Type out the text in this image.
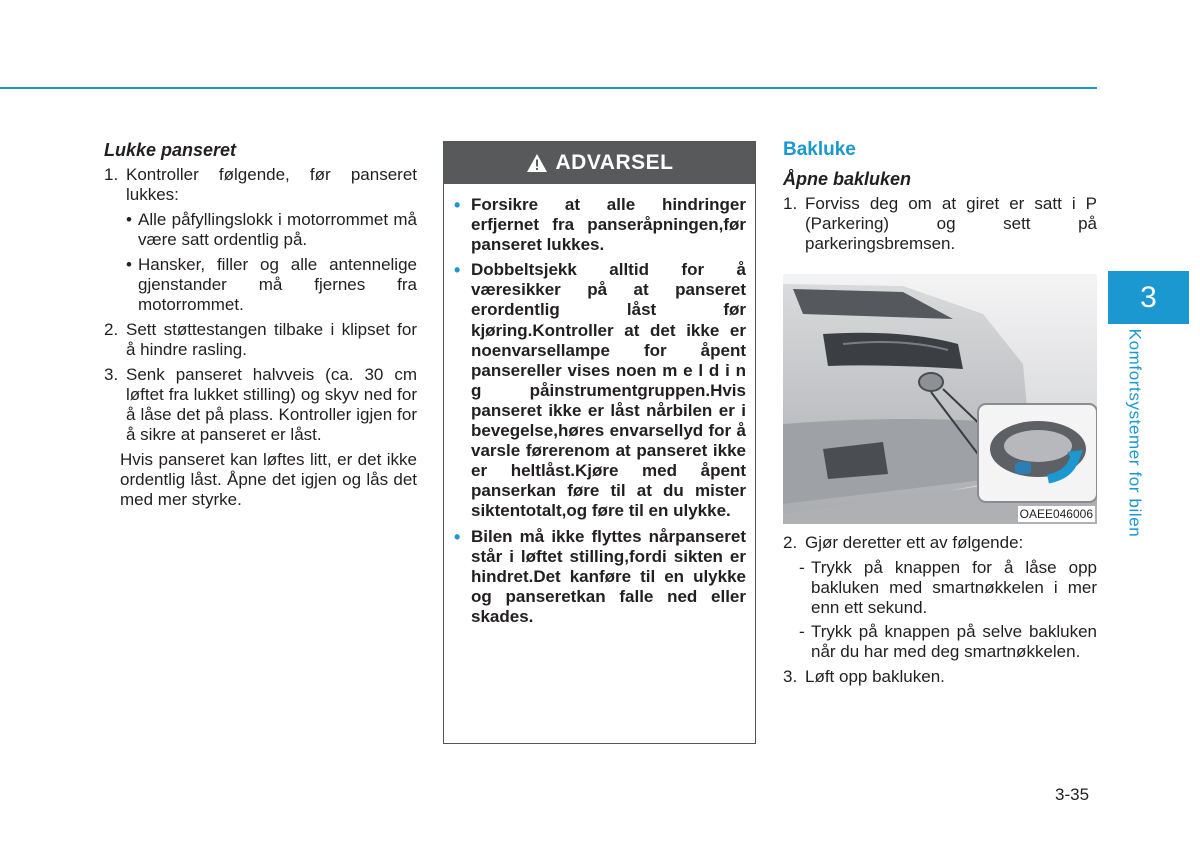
Lukke panseret
1. Kontroller følgende, før panseret lukkes:
• Alle påfyllingslokk i motorrommet må være satt ordentlig på.
• Hansker, filler og alle antennelige gjenstander må fjernes fra motorrommet.
2. Sett støttestangen tilbake i klipset for å hindre rasling.
3. Senk panseret halvveis (ca. 30 cm løftet fra lukket stilling) og skyv ned for å låse det på plass. Kontroller igjen for å sikre at panseret er låst.
Hvis panseret kan løftes litt, er det ikke ordentlig låst. Åpne det igjen og lås det med mer styrke.
ADVARSEL
• Forsikre at alle hindringer erfjernet fra panseråpningen,før panseret lukkes.
• Dobbeltsjekk alltid for å væresikker på at panseret erordentlig låst før kjøring.Kontroller at det ikke er noenvarsellampe for åpent pansereller vises noen m e l d i n g påinstrumentgruppen.Hvis panseret ikke er låst nårbilen er i bevegelse,høres envarsellyd for å varsle førerenom at panseret ikke er heltlåst.Kjøre med åpent panserkan føre til at du mister siktentotalt,og føre til en ulykke.
• Bilen må ikke flyttes nårpanseret står i løftet stilling,fordi sikten er hindret.Det kanføre til en ulykke og panseretkan falle ned eller skades.
Bakluke
Åpne bakluken
1. Forviss deg om at giret er satt i P (Parkering) og sett på parkeringsbremsen.
OAEE046006
2. Gjør deretter ett av følgende:
- Trykk på knappen for å låse opp bakluken med smartnøkkelen i mer enn ett sekund.
- Trykk på knappen på selve bakluken når du har med deg smartnøkkelen.
3. Løft opp bakluken.
3
Komfortsystemer for bilen
3-35
